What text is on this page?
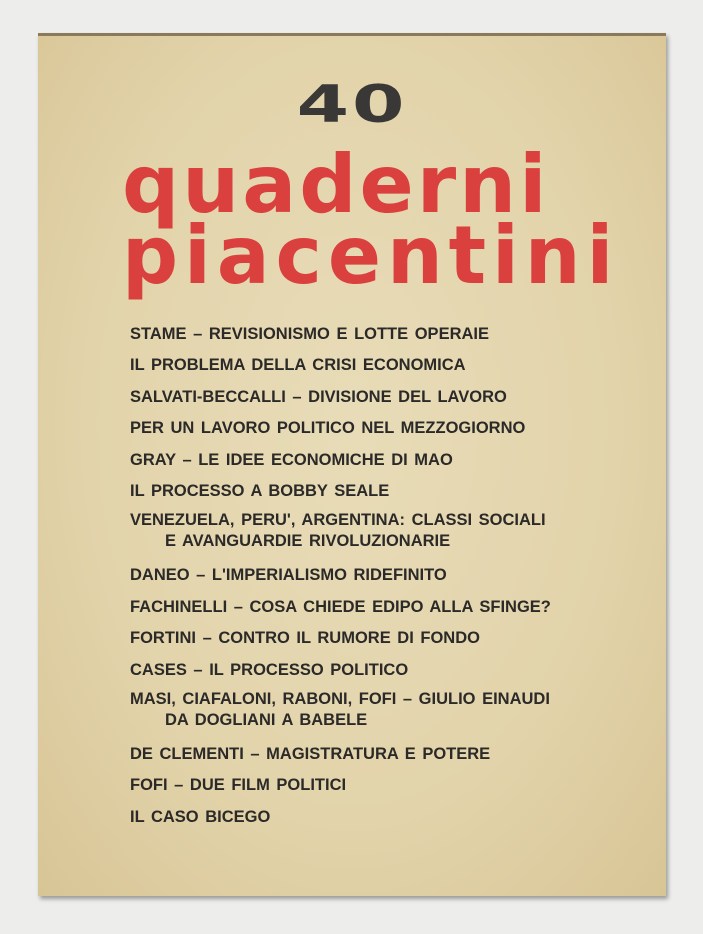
40
quaderni
piacentini
STAME – REVISIONISMO E LOTTE OPERAIE
IL PROBLEMA DELLA CRISI ECONOMICA
SALVATI-BECCALLI – DIVISIONE DEL LAVORO
PER UN LAVORO POLITICO NEL MEZZOGIORNO
GRAY – LE IDEE ECONOMICHE DI MAO
IL PROCESSO A BOBBY SEALE
VENEZUELA, PERU', ARGENTINA: CLASSI SOCIALI
E AVANGUARDIE RIVOLUZIONARIE
DANEO – L'IMPERIALISMO RIDEFINITO
FACHINELLI – COSA CHIEDE EDIPO ALLA SFINGE?
FORTINI – CONTRO IL RUMORE DI FONDO
CASES – IL PROCESSO POLITICO
MASI, CIAFALONI, RABONI, FOFI – GIULIO EINAUDI
DA DOGLIANI A BABELE
DE CLEMENTI – MAGISTRATURA E POTERE
FOFI – DUE FILM POLITICI
IL CASO BICEGO
